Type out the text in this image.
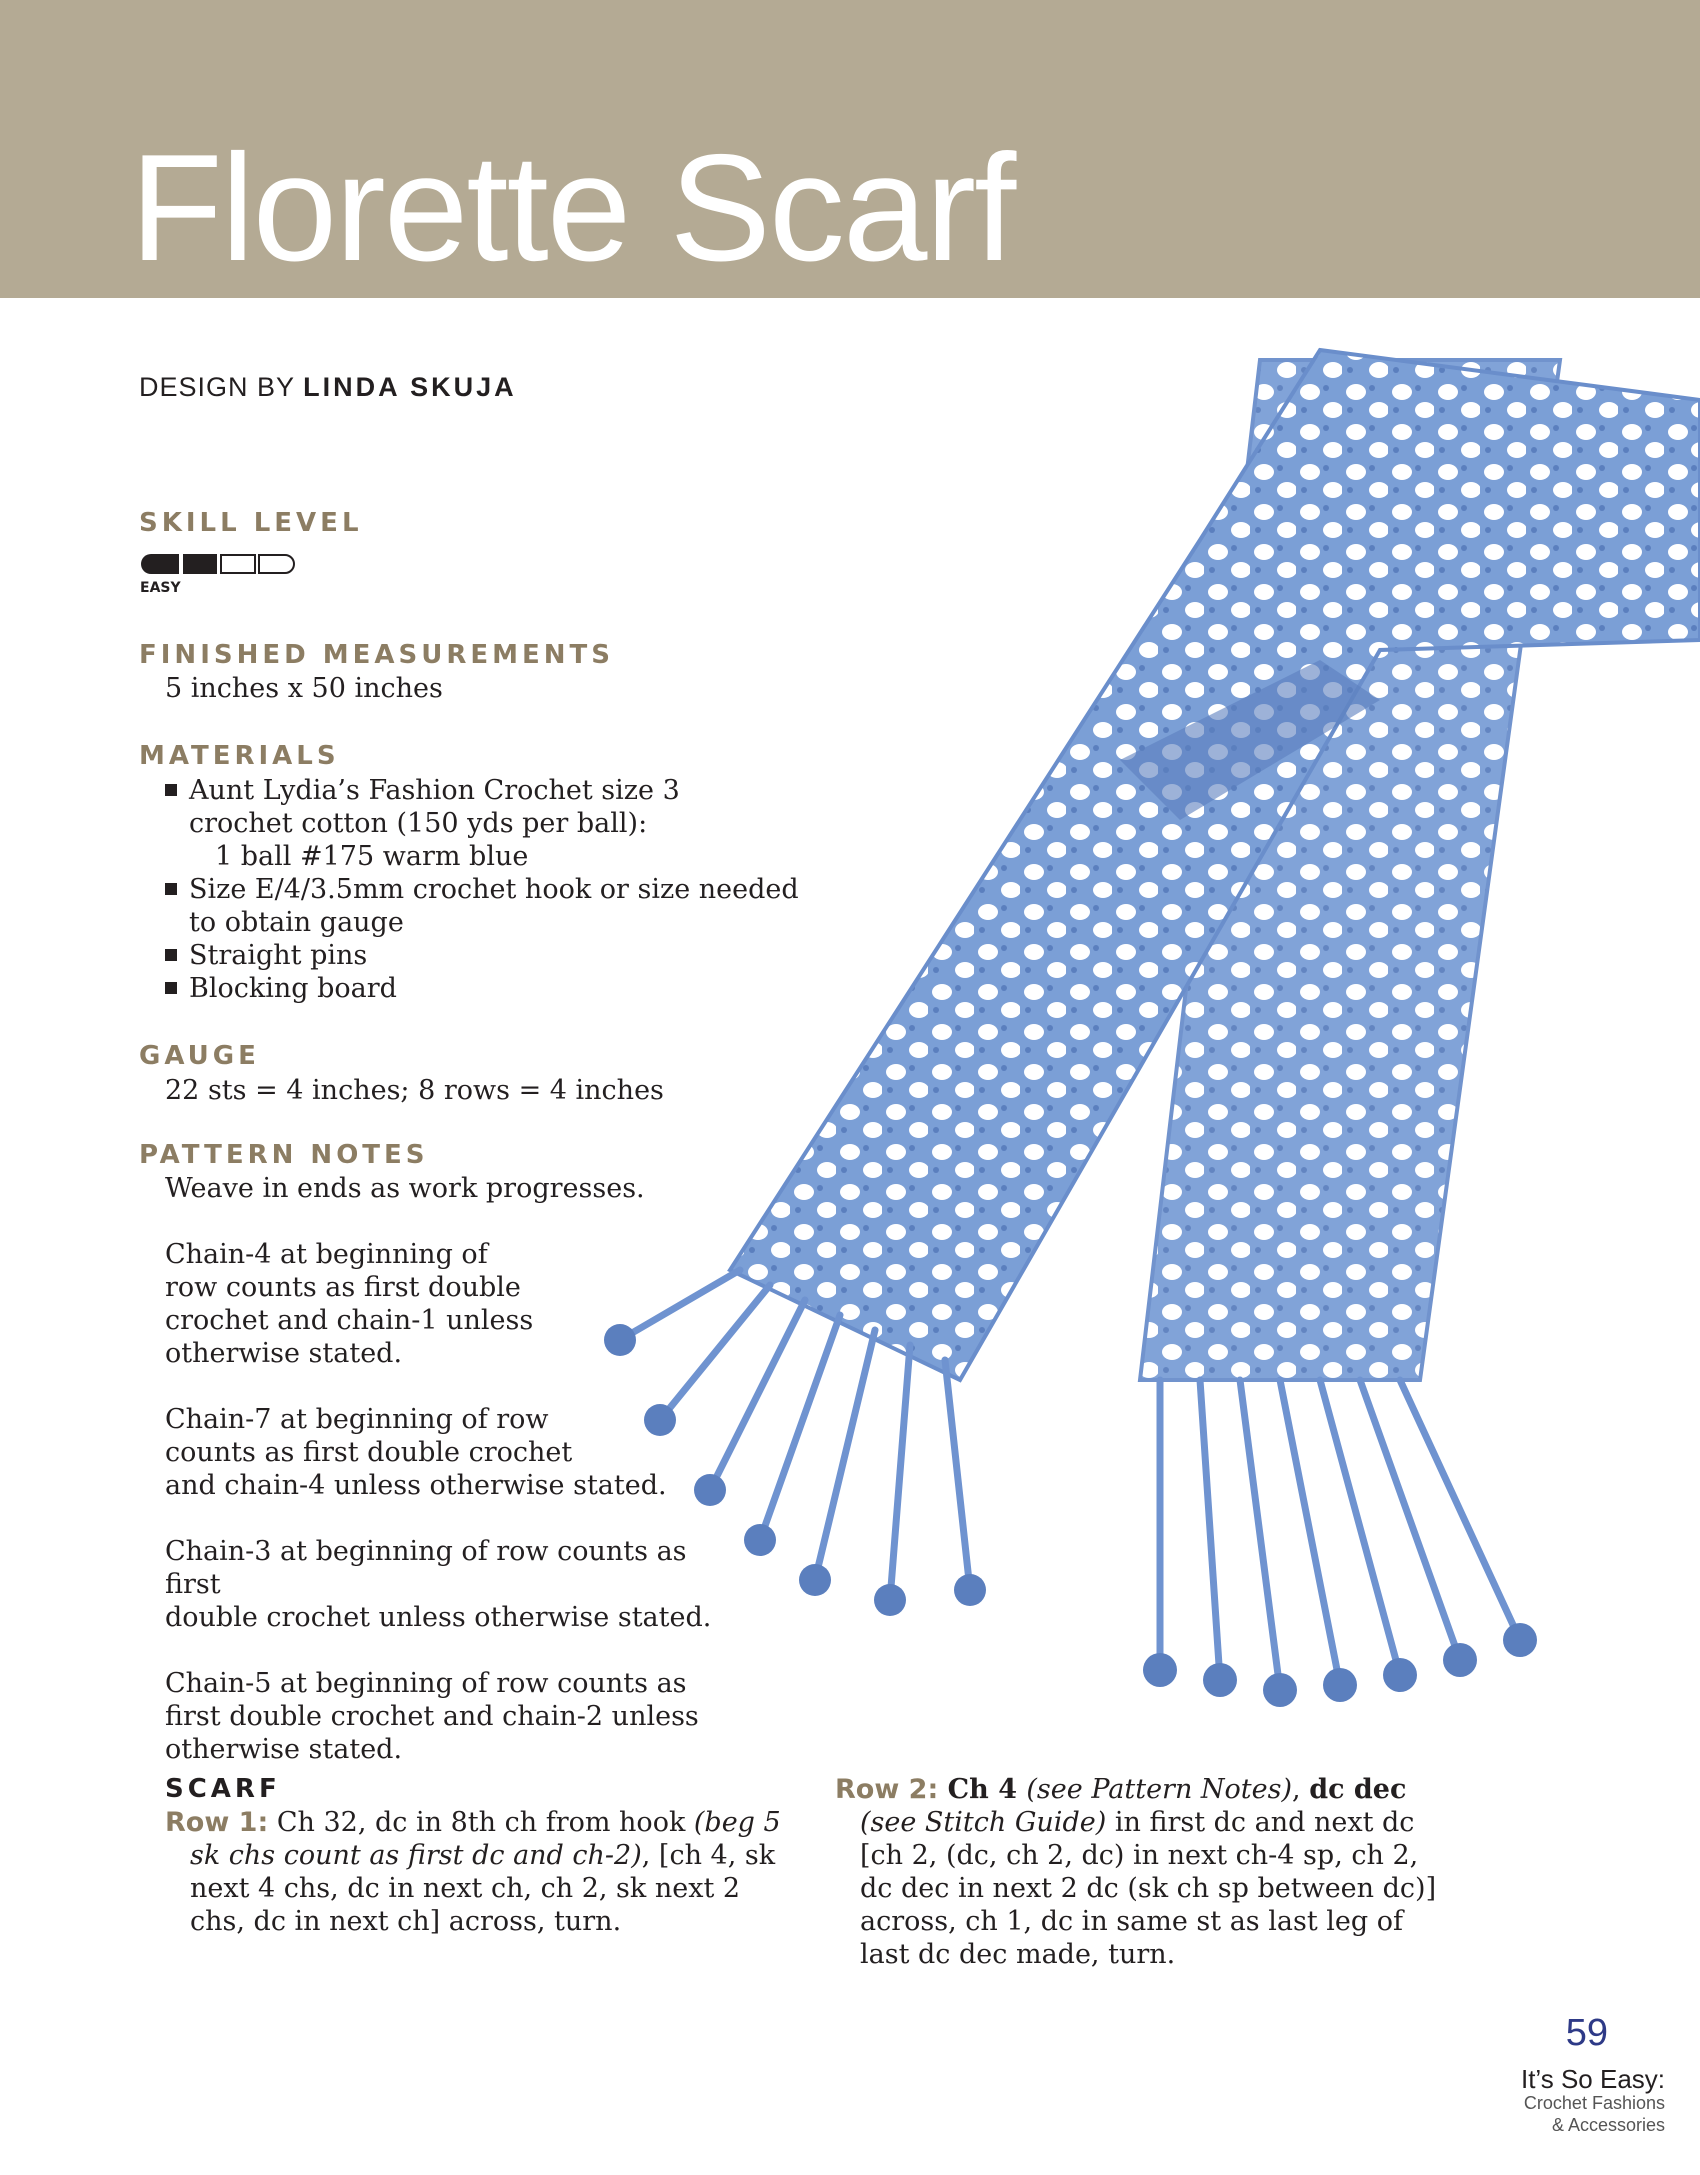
Florette Scarf
DESIGN BY LINDA SKUJA
SKILL LEVEL
EASY
FINISHED MEASUREMENTS
5 inches x 50 inches
MATERIALS
Aunt Lydia’s Fashion Crochet size 3
crochet cotton (150 yds per ball):

1 ball #175 warm blue
Size E/4/3.5mm crochet hook or size needed
to obtain gauge
Straight pins
Blocking board
GAUGE
22 sts = 4 inches; 8 rows = 4 inches
PATTERN NOTES

Weave in ends as work progresses.

Chain-4 at beginning of
row counts as first double
crochet and chain-1 unless
otherwise stated.

Chain-7 at beginning of row
counts as first double crochet
and chain-4 unless otherwise stated.

Chain-3 at beginning of row counts as first
double crochet unless otherwise stated.

Chain-5 at beginning of row counts as
first double crochet and chain-2 unless
otherwise stated.

SCARF

Row 1: Ch 32, dc in 8th ch from hook (beg 5 sk chs count as first dc and ch-2), [ch 4, sk next 4 chs, dc in next ch, ch 2, sk next 2 chs, dc in next ch] across, turn.

Row 2: Ch 4 (see Pattern Notes), dc dec (see Stitch Guide) in first dc and next dc [ch 2, (dc, ch 2, dc) in next ch-4 sp, ch 2, dc dec in next 2 dc (sk ch sp between dc)] across, ch 1, dc in same st as last leg of last dc dec made, turn.

59
It’s So Easy:
Crochet Fashions
& Accessories
